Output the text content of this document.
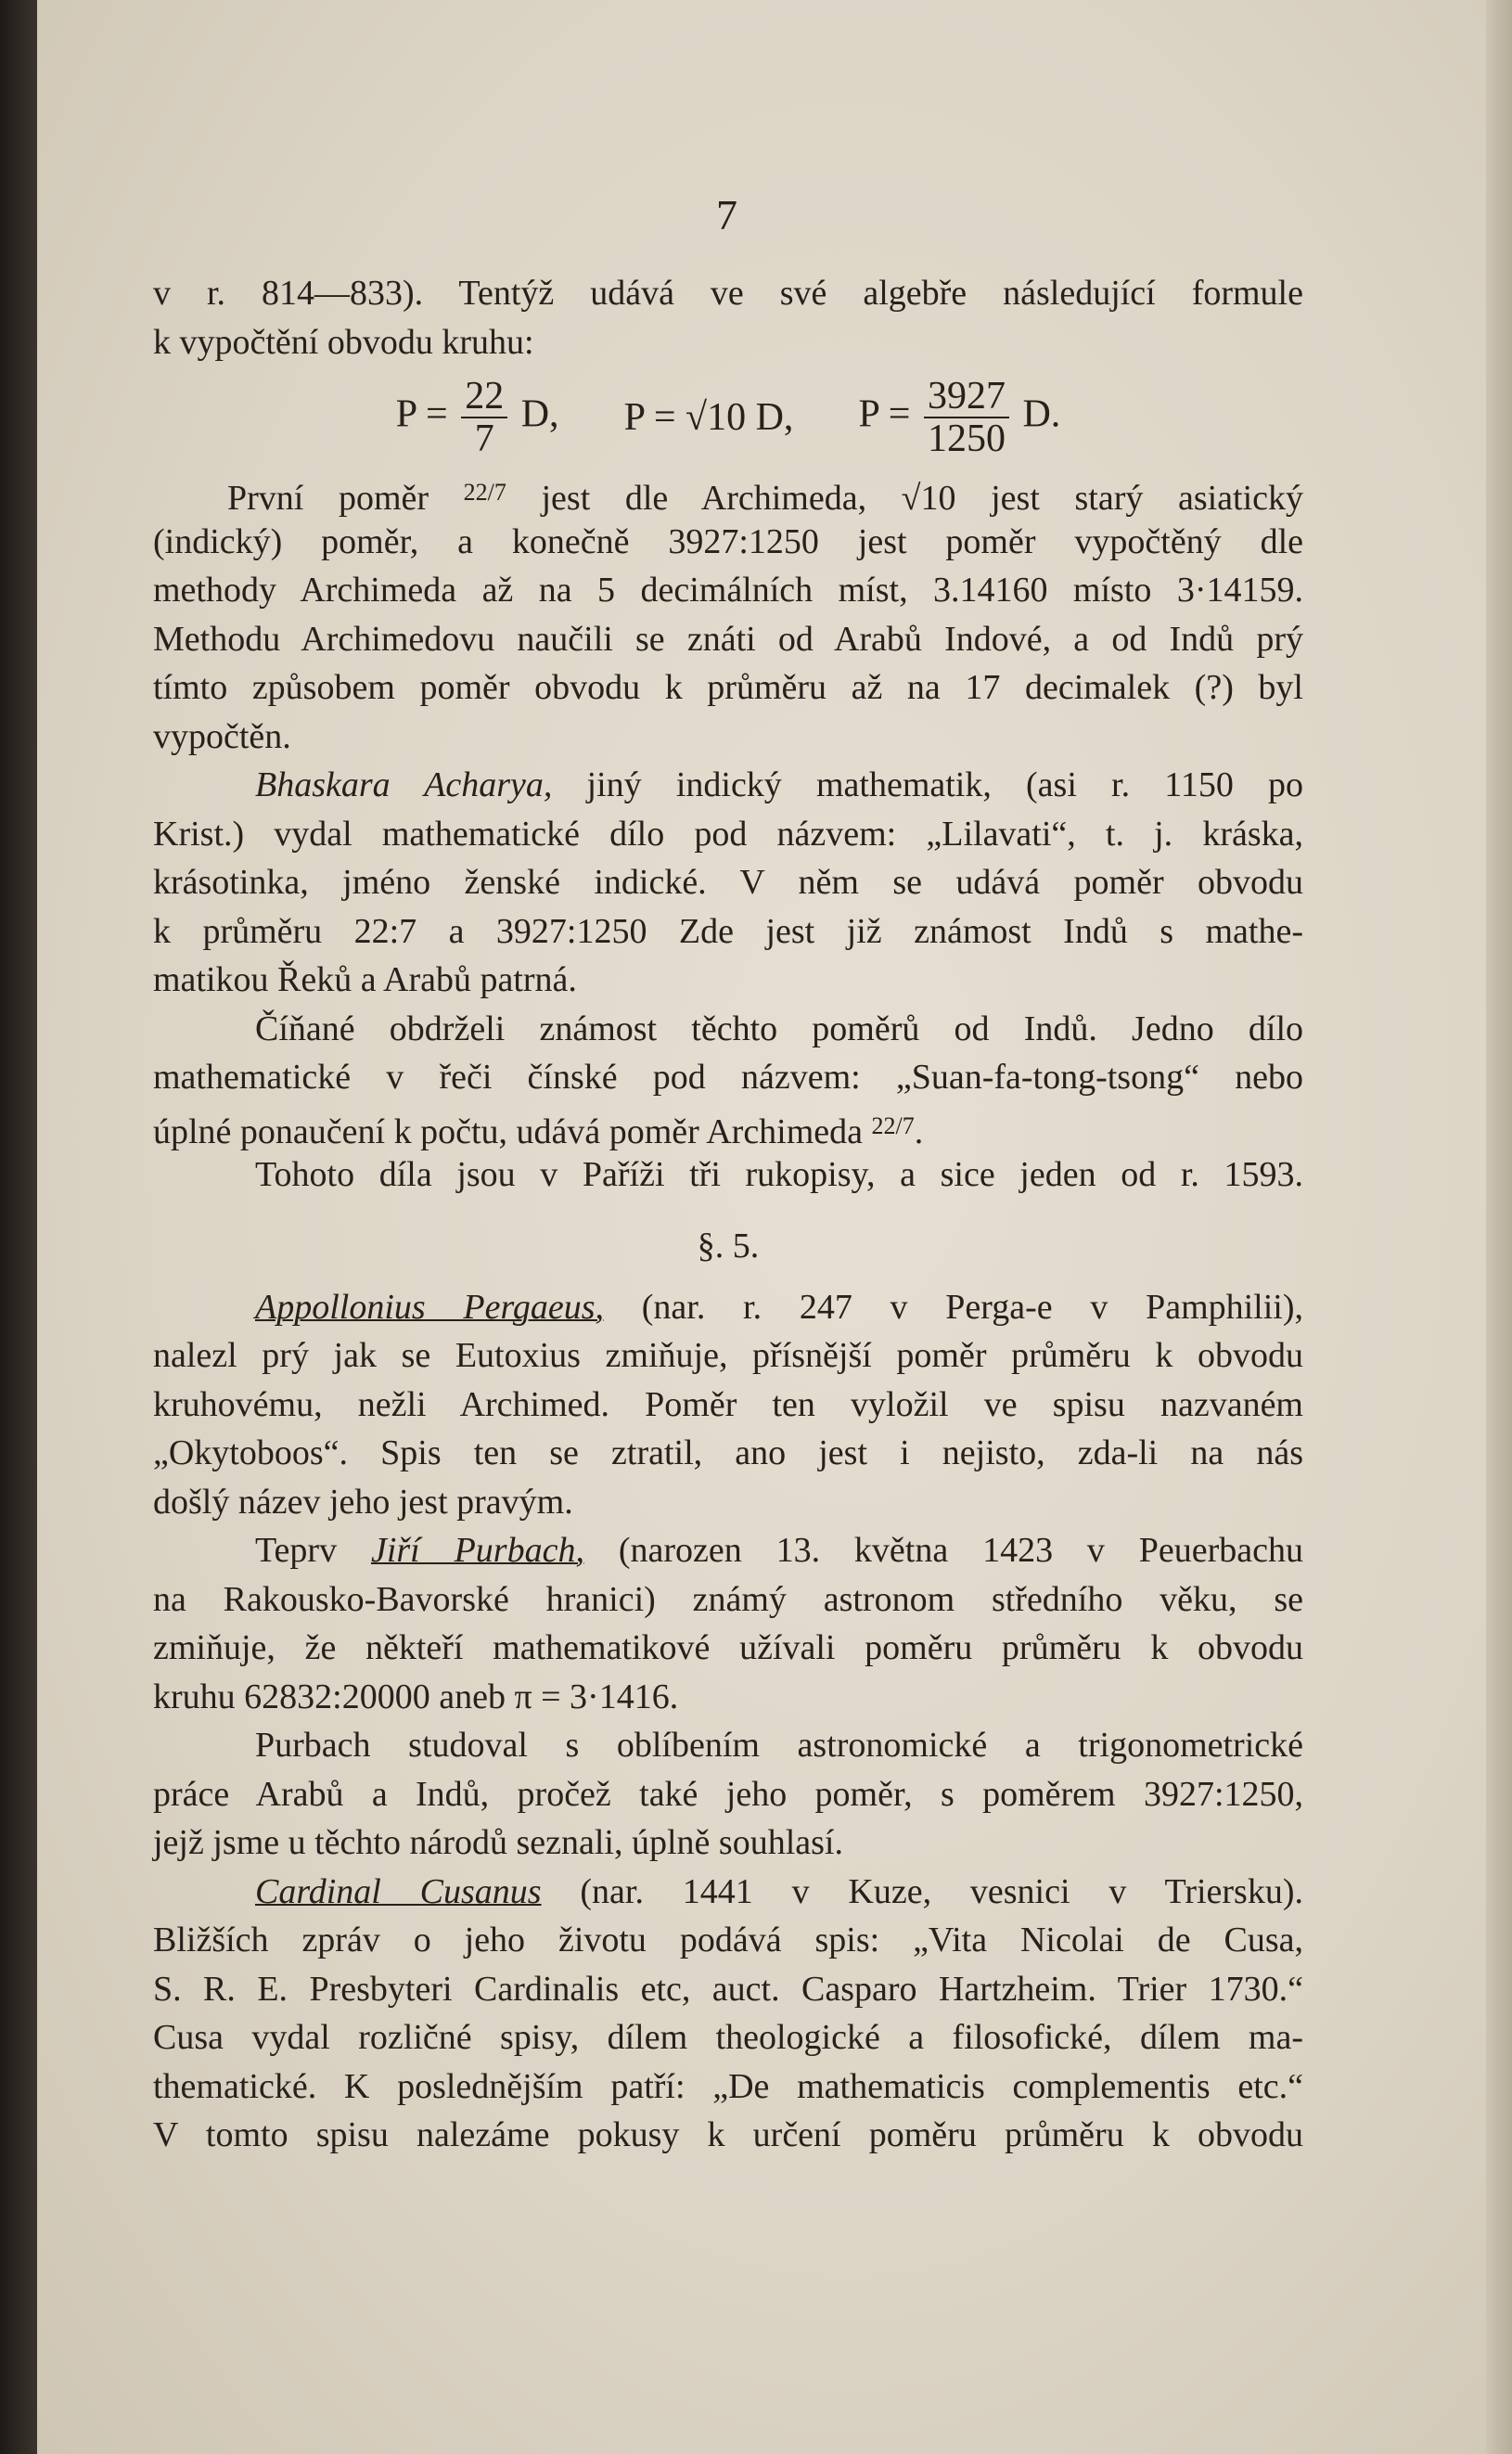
7
v r. 814—833). Tentýž udává ve své algebře následující formule
k vypočtění obvodu kruhu:
$P = \frac{22}{7} D$, P = √10 D, $P = \frac{3927}{1250} D$.
První poměr $^{22/7}$ jest dle Archimeda, √10 jest starý asiatický
(indický) poměr, a konečně 3927:1250 jest poměr vypočtěný dle
methody Archimeda až na 5 decimálních míst, 3.14160 místo 3·14159.
Methodu Archimedovu naučili se znáti od Arabů Indové, a od Indů prý
tímto způsobem poměr obvodu k průměru až na 17 decimalek (?) byl
vypočtěn.
Bhaskara Acharya, jiný indický mathematik, (asi r. 1150 po
Krist.) vydal mathematické dílo pod názvem: „Lilavati“, t. j. kráska,
krásotinka, jméno ženské indické. V něm se udává poměr obvodu
k průměru 22:7 a 3927:1250 Zde jest již známost Indů s mathe-
matikou Řeků a Arabů patrná.
Číňané obdrželi známost těchto poměrů od Indů. Jedno dílo
mathematické v řeči čínské pod názvem: „Suan-fa-tong-tsong“ nebo
úplné ponaučení k počtu, udává poměr Archimeda $^{22/7}$.
Tohoto díla jsou v Paříži tři rukopisy, a sice jeden od r. 1593.
§. 5.
Appollonius Pergaeus, (nar. r. 247 v Perga-e v Pamphilii),
nalezl prý jak se Eutoxius zmiňuje, přísnější poměr průměru k obvodu
kruhovému, nežli Archimed. Poměr ten vyložil ve spisu nazvaném
„Okytoboos“. Spis ten se ztratil, ano jest i nejisto, zda-li na nás
došlý název jeho jest pravým.
Teprv Jiří Purbach, (narozen 13. května 1423 v Peuerbachu
na Rakousko-Bavorské hranici) známý astronom středního věku, se
zmiňuje, že někteří mathematikové užívali poměru průměru k obvodu
kruhu 62832:20000 aneb π = 3·1416.
Purbach studoval s oblíbením astronomické a trigonometrické
práce Arabů a Indů, pročež také jeho poměr, s poměrem 3927:1250,
jejž jsme u těchto národů seznali, úplně souhlasí.
Cardinal Cusanus (nar. 1441 v Kuze, vesnici v Triersku).
Bližších zpráv o jeho životu podává spis: „Vita Nicolai de Cusa,
S. R. E. Presbyteri Cardinalis etc, auct. Casparo Hartzheim. Trier 1730.“
Cusa vydal rozličné spisy, dílem theologické a filosofické, dílem ma-
thematické. K poslednějším patří: „De mathematicis complementis etc.“
V tomto spisu nalezáme pokusy k určení poměru průměru k obvodu
